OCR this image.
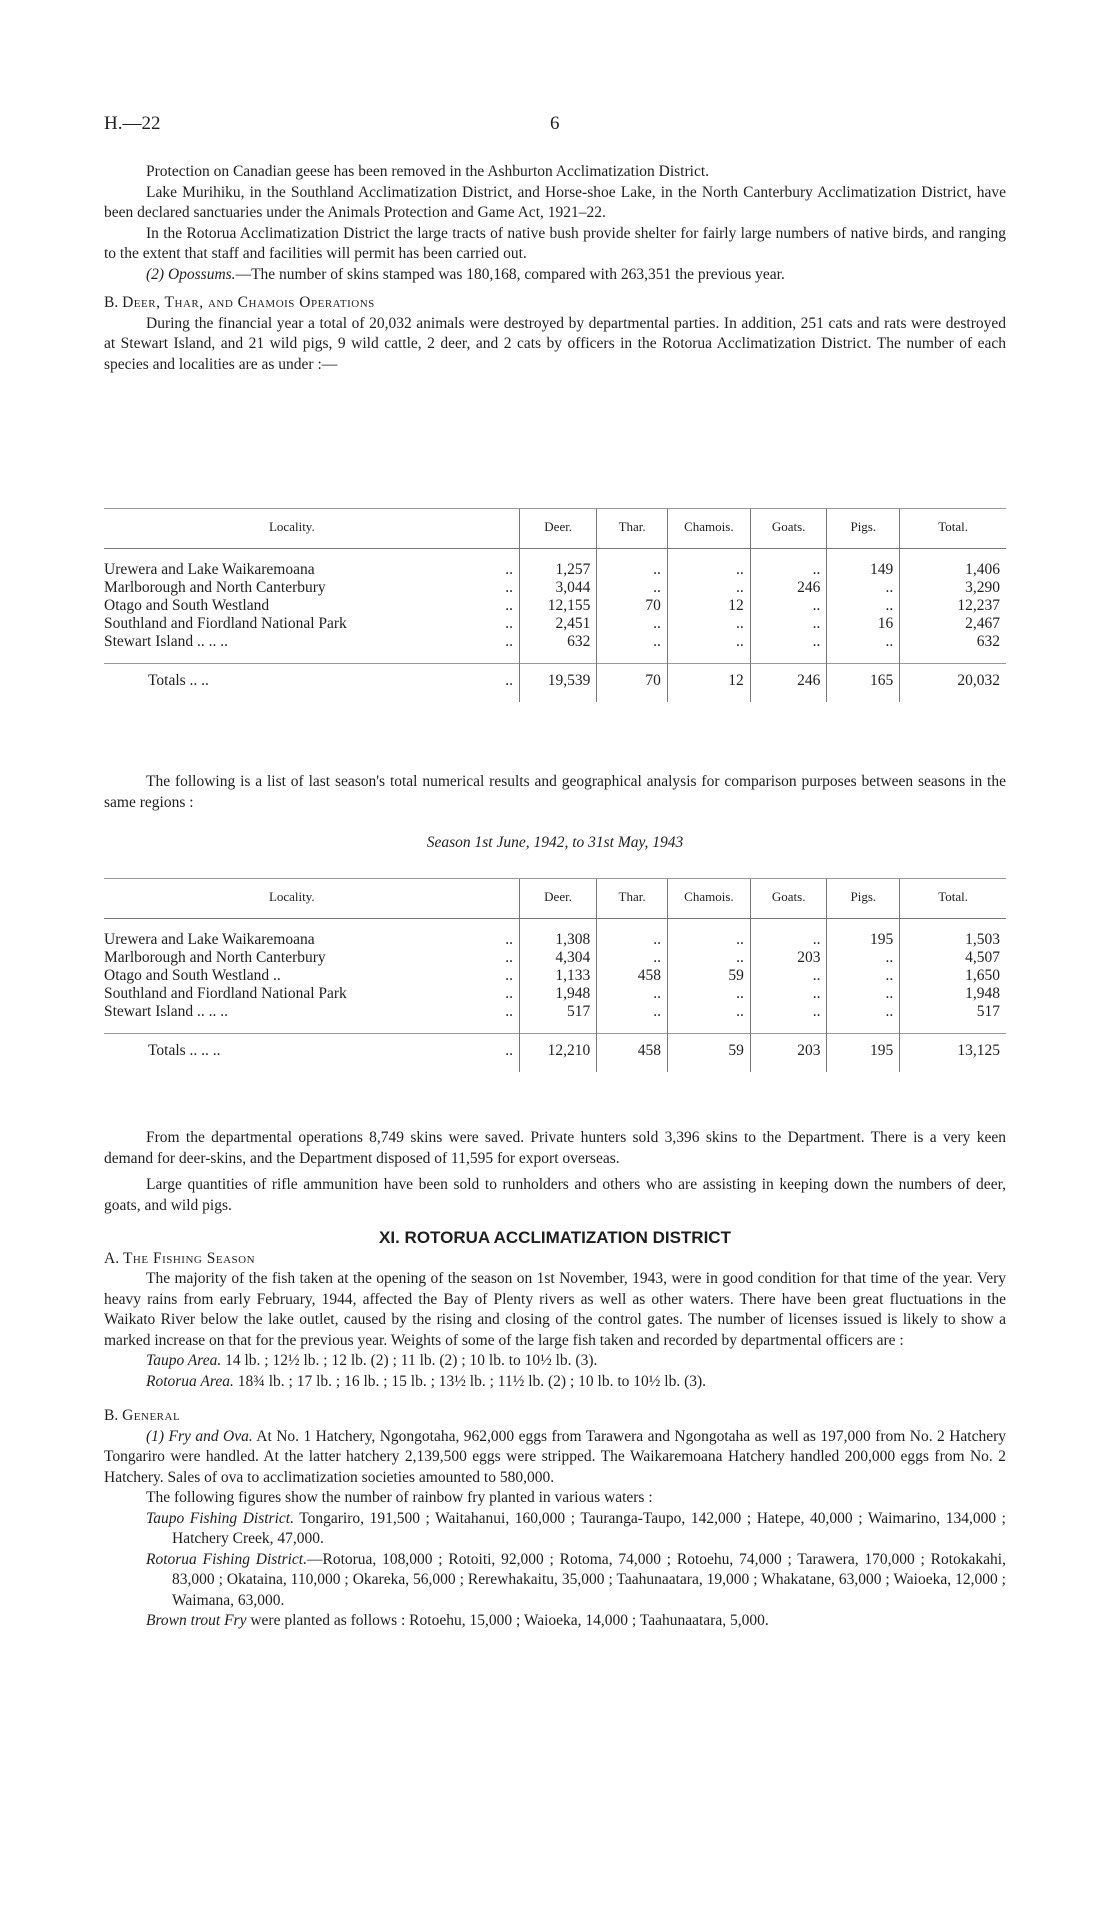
H.—22	6

Protection on Canadian geese has been removed in the Ashburton Acclimatization District.

Lake Murihiku, in the Southland Acclimatization District, and Horse-shoe Lake, in the North Canterbury Acclimatization District, have been declared sanctuaries under the Animals Protection and Game Act, 1921–22.

In the Rotorua Acclimatization District the large tracts of native bush provide shelter for fairly large numbers of native birds, and ranging to the extent that staff and facilities will permit has been carried out.

(2) Opossums.—The number of skins stamped was 180,168, compared with 263,351 the previous year.

B. Deer, Thar, and Chamois Operations

During the financial year a total of 20,032 animals were destroyed by departmental parties. In addition, 251 cats and rats were destroyed at Stewart Island, and 21 wild pigs, 9 wild cattle, 2 deer, and 2 cats by officers in the Rotorua Acclimatization District. The number of each species and localities are as under :—

Locality.		Deer.	Thar.	Chamois.	Goats.	Pigs.	Total.

Urewera and Lake Waikaremoana	..	1,257	..	..	..	149	1,406
Marlborough and North Canterbury	..	3,044	..	..	246	..	3,290
Otago and South Westland	..	12,155	70	12	..	..	12,237
Southland and Fiordland National Park	..	2,451	..	..	..	16	2,467
Stewart Island .. .. ..	..	632	..	..	..	..	632

Totals .. ..	..	19,539	70	12	246	165	20,032

The following is a list of last season's total numerical results and geographical analysis for comparison purposes between seasons in the same regions :

Season 1st June, 1942, to 31st May, 1943

Locality.		Deer.	Thar.	Chamois.	Goats.	Pigs.	Total.

Urewera and Lake Waikaremoana	..	1,308	..	..	..	195	1,503
Marlborough and North Canterbury	..	4,304	..	..	203	..	4,507
Otago and South Westland ..	..	1,133	458	59	..	..	1,650
Southland and Fiordland National Park	..	1,948	..	..	..	..	1,948
Stewart Island .. .. ..	..	517	..	..	..	..	517

Totals .. .. ..	..	12,210	458	59	203	195	13,125

From the departmental operations 8,749 skins were saved. Private hunters sold 3,396 skins to the Department. There is a very keen demand for deer-skins, and the Department disposed of 11,595 for export overseas.

Large quantities of rifle ammunition have been sold to runholders and others who are assisting in keeping down the numbers of deer, goats, and wild pigs.

XI. ROTORUA ACCLIMATIZATION DISTRICT

A. The Fishing Season

The majority of the fish taken at the opening of the season on 1st November, 1943, were in good condition for that time of the year. Very heavy rains from early February, 1944, affected the Bay of Plenty rivers as well as other waters. There have been great fluctuations in the Waikato River below the lake outlet, caused by the rising and closing of the control gates. The number of licenses issued is likely to show a marked increase on that for the previous year. Weights of some of the large fish taken and recorded by departmental officers are :

Taupo Area. 14 lb. ; 12½ lb. ; 12 lb. (2) ; 11 lb. (2) ; 10 lb. to 10½ lb. (3).

Rotorua Area. 18¾ lb. ; 17 lb. ; 16 lb. ; 15 lb. ; 13½ lb. ; 11½ lb. (2) ; 10 lb. to 10½ lb. (3).

B. General

(1) Fry and Ova. At No. 1 Hatchery, Ngongotaha, 962,000 eggs from Tarawera and Ngongotaha as well as 197,000 from No. 2 Hatchery Tongariro were handled. At the latter hatchery 2,139,500 eggs were stripped. The Waikaremoana Hatchery handled 200,000 eggs from No. 2 Hatchery. Sales of ova to acclimatization societies amounted to 580,000.

The following figures show the number of rainbow fry planted in various waters :

Taupo Fishing District. Tongariro, 191,500 ; Waitahanui, 160,000 ; Tauranga-Taupo, 142,000 ; Hatepe, 40,000 ; Waimarino, 134,000 ; Hatchery Creek, 47,000.

Rotorua Fishing District.—Rotorua, 108,000 ; Rotoiti, 92,000 ; Rotoma, 74,000 ; Rotoehu, 74,000 ; Tarawera, 170,000 ; Rotokakahi, 83,000 ; Okataina, 110,000 ; Okareka, 56,000 ; Rerewhakaitu, 35,000 ; Taahunaatara, 19,000 ; Whakatane, 63,000 ; Waioeka, 12,000 ; Waimana, 63,000.

Brown trout Fry were planted as follows : Rotoehu, 15,000 ; Waioeka, 14,000 ; Taahunaatara, 5,000.
